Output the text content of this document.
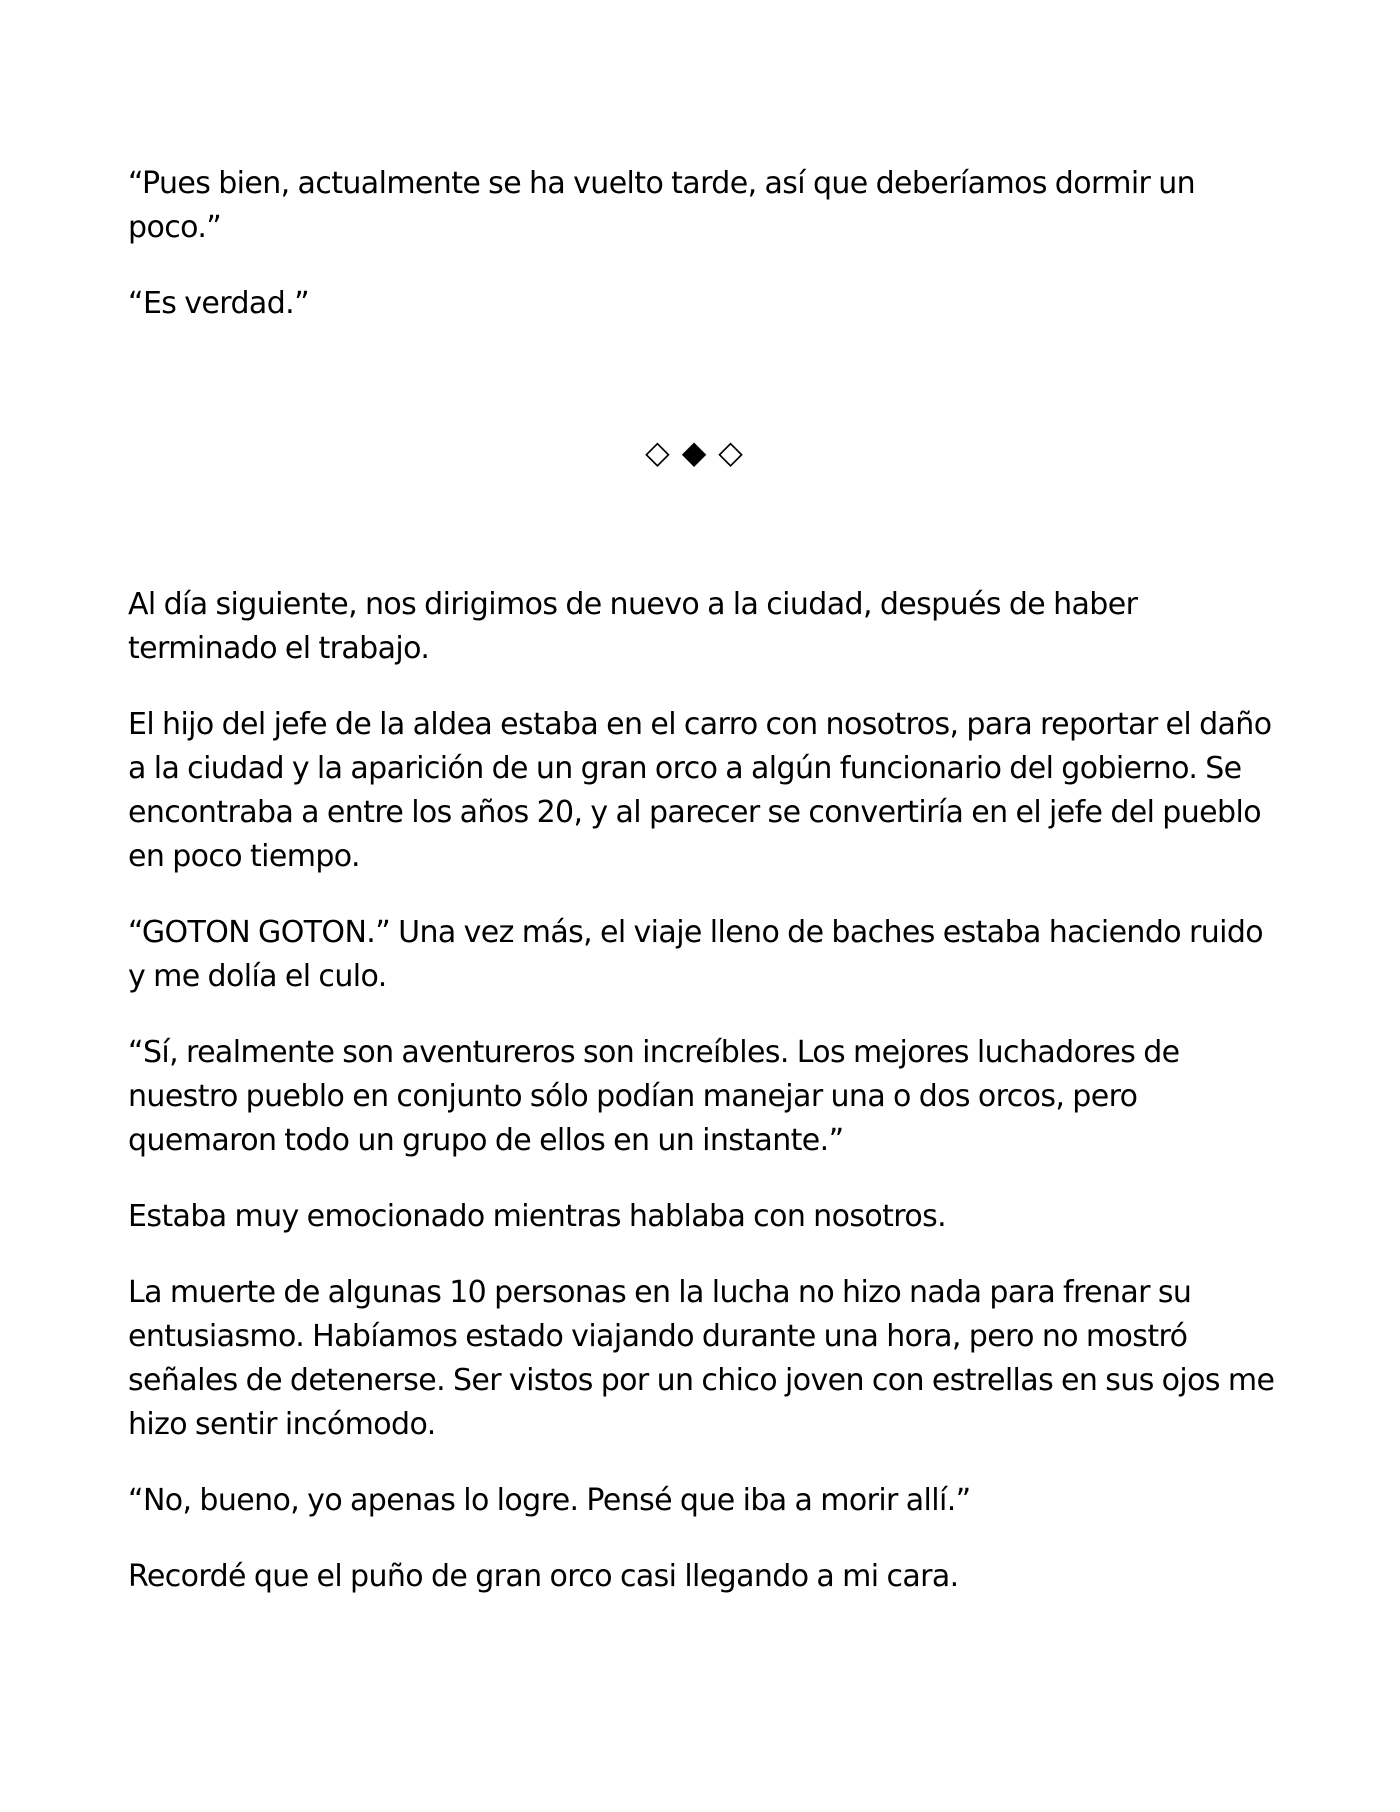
“Pues bien, actualmente se ha vuelto tarde, así que deberíamos dormir un poco.”

“Es verdad.”

◇◆◇

Al día siguiente, nos dirigimos de nuevo a la ciudad, después de haber terminado el trabajo.

El hijo del jefe de la aldea estaba en el carro con nosotros, para reportar el daño a la ciudad y la aparición de un gran orco a algún funcionario del gobierno. Se encontraba a entre los años 20, y al parecer se convertiría en el jefe del pueblo en poco tiempo.

“GOTON GOTON.” Una vez más, el viaje lleno de baches estaba haciendo ruido y me dolía el culo.

“Sí, realmente son aventureros son increíbles. Los mejores luchadores de nuestro pueblo en conjunto sólo podían manejar una o dos orcos, pero quemaron todo un grupo de ellos en un instante.”

Estaba muy emocionado mientras hablaba con nosotros.

La muerte de algunas 10 personas en la lucha no hizo nada para frenar su entusiasmo. Habíamos estado viajando durante una hora, pero no mostró señales de detenerse. Ser vistos por un chico joven con estrellas en sus ojos me hizo sentir incómodo.

“No, bueno, yo apenas lo logre. Pensé que iba a morir allí.”

Recordé que el puño de gran orco casi llegando a mi cara.
